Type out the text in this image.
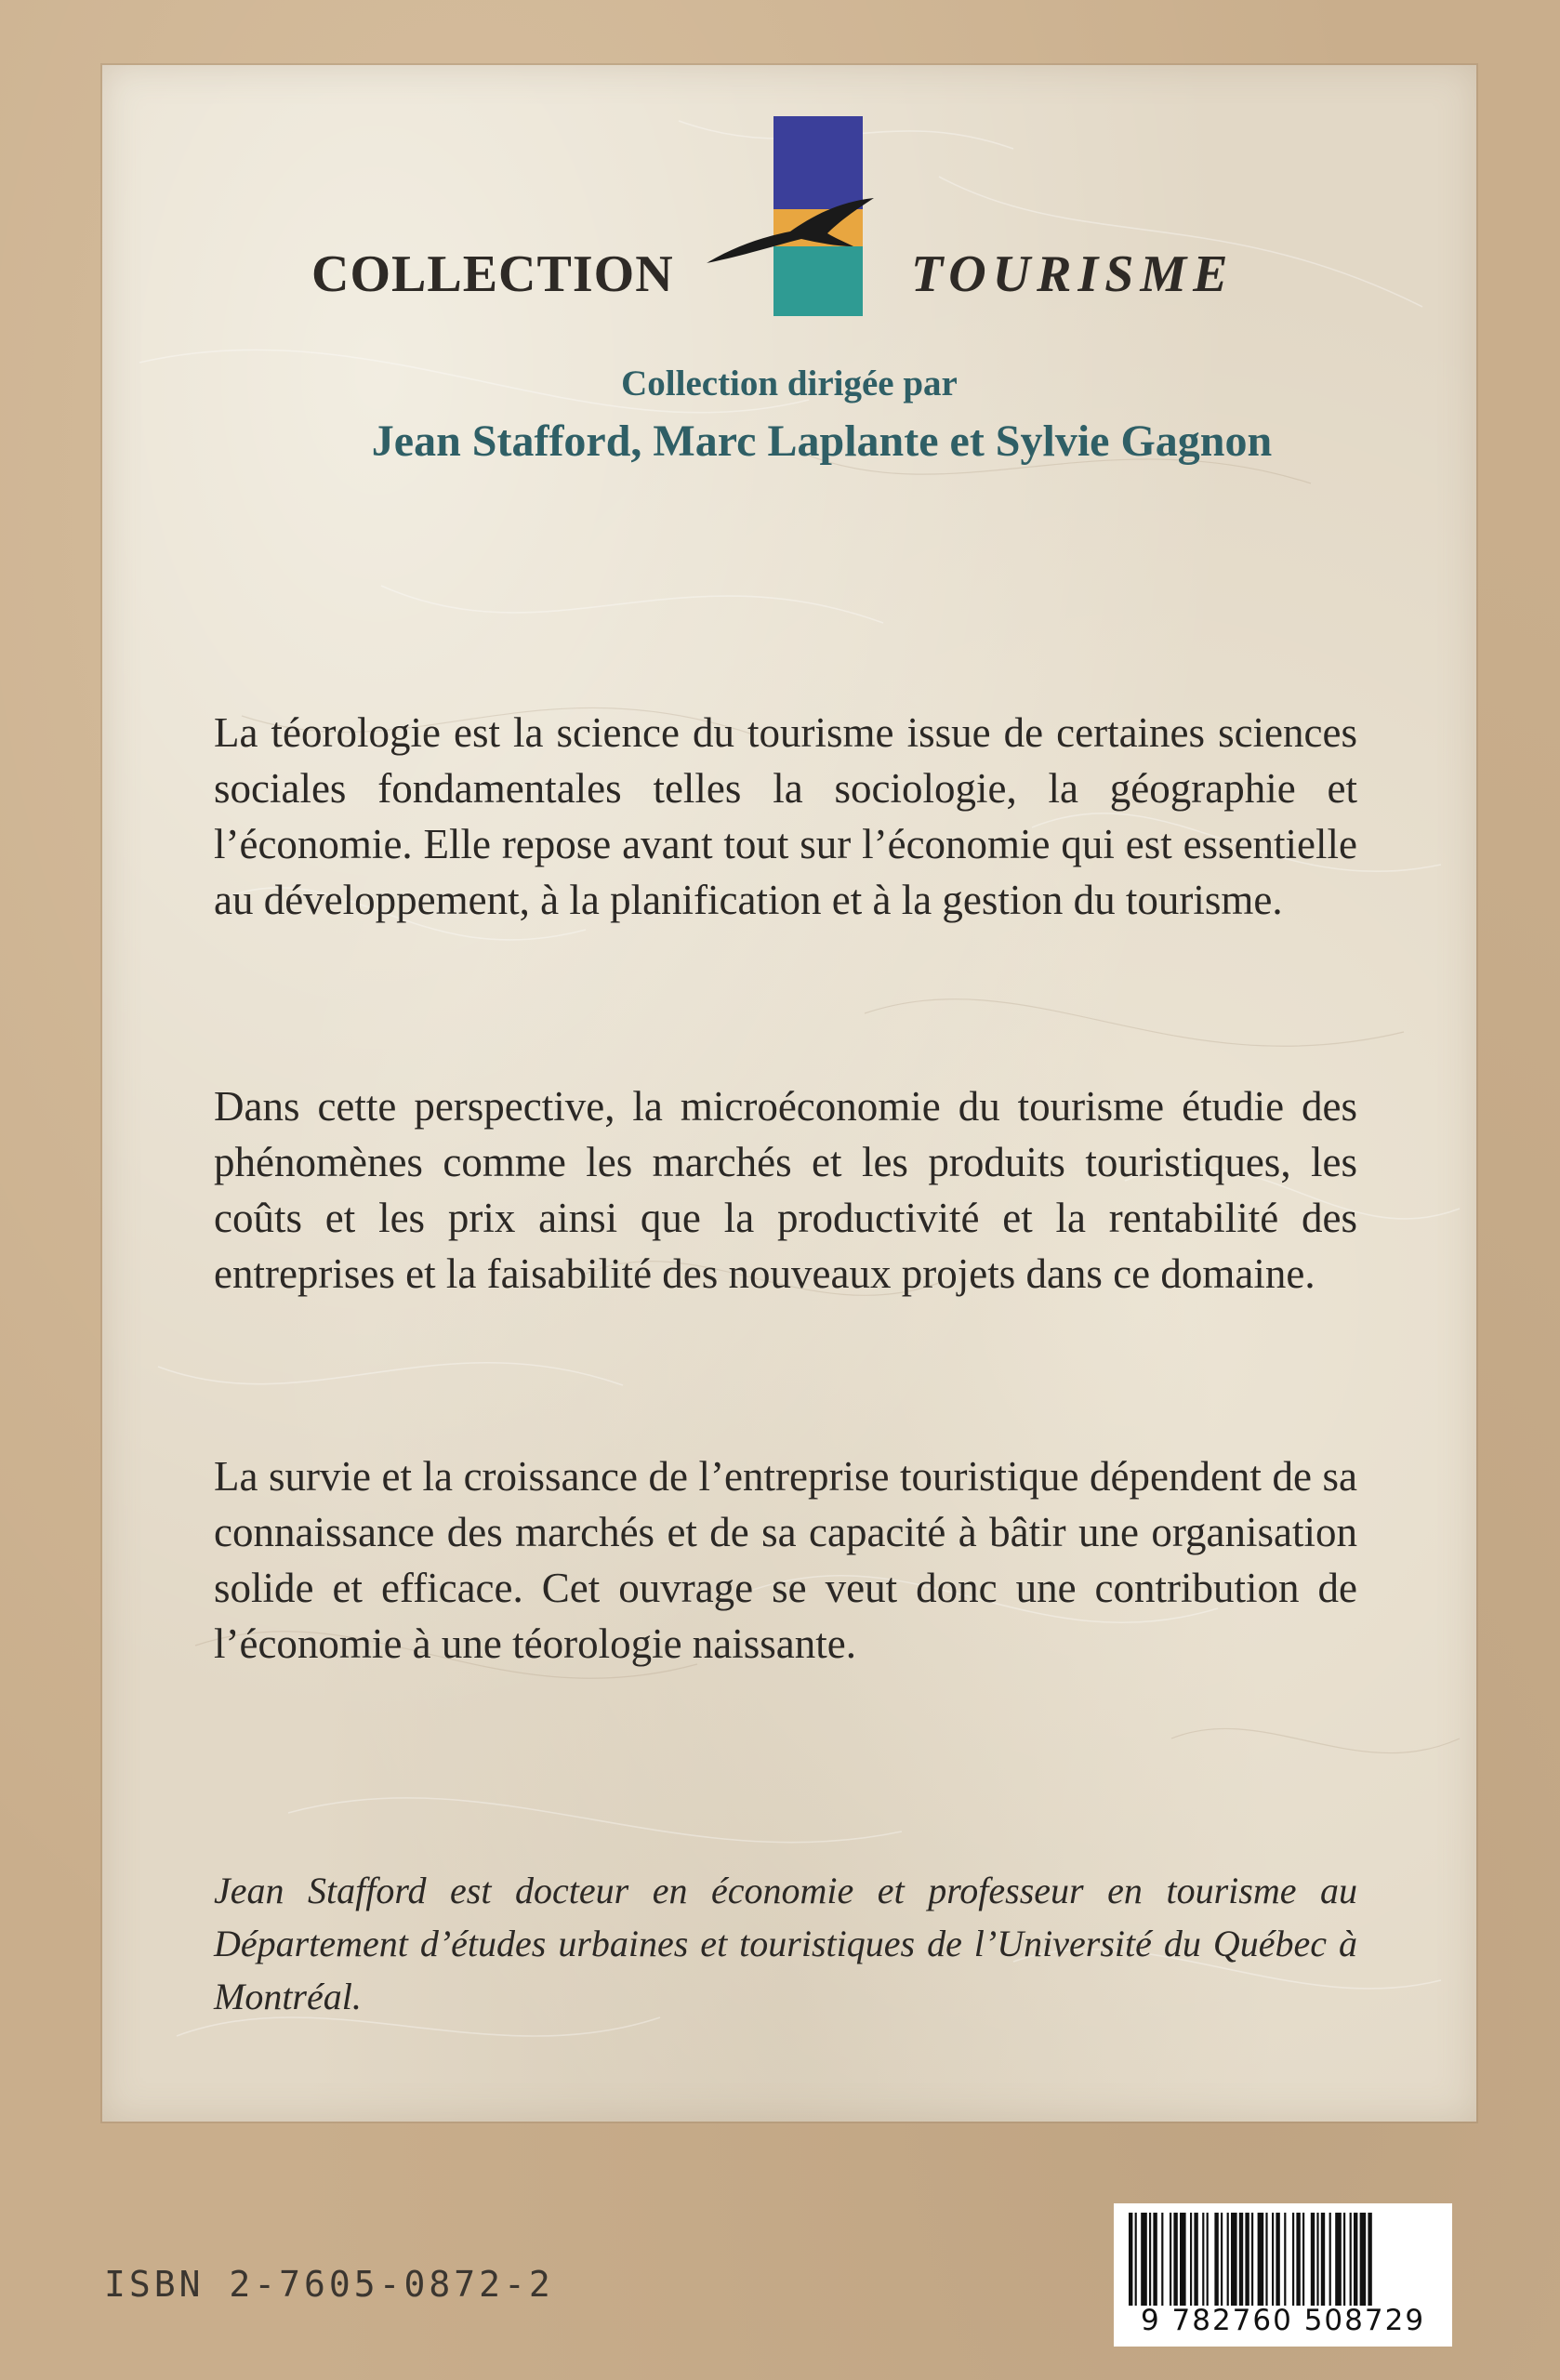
COLLECTION	TOURISME
Collection dirigée par
Jean Stafford, Marc Laplante et Sylvie Gagnon

La téorologie est la science du tourisme issue de certaines sciences sociales fondamentales telles la sociologie, la géographie et l’économie. Elle repose avant tout sur l’économie qui est essentielle au développement, à la planification et à la gestion du tourisme.

Dans cette perspective, la microéconomie du tourisme étudie des phénomènes comme les marchés et les produits touristiques, les coûts et les prix ainsi que la productivité et la rentabilité des entreprises et la faisabilité des nouveaux projets dans ce domaine.

La survie et la croissance de l’entreprise touristique dépendent de sa connaissance des marchés et de sa capacité à bâtir une organisation solide et efficace. Cet ouvrage se veut donc une contribution de l’économie à une téorologie naissante.

Jean Stafford est docteur en économie et professeur en tourisme au Département d’études urbaines et touristiques de l’Université du Québec à Montréal.

ISBN 2-7605-0872-2
9 782760 508729
